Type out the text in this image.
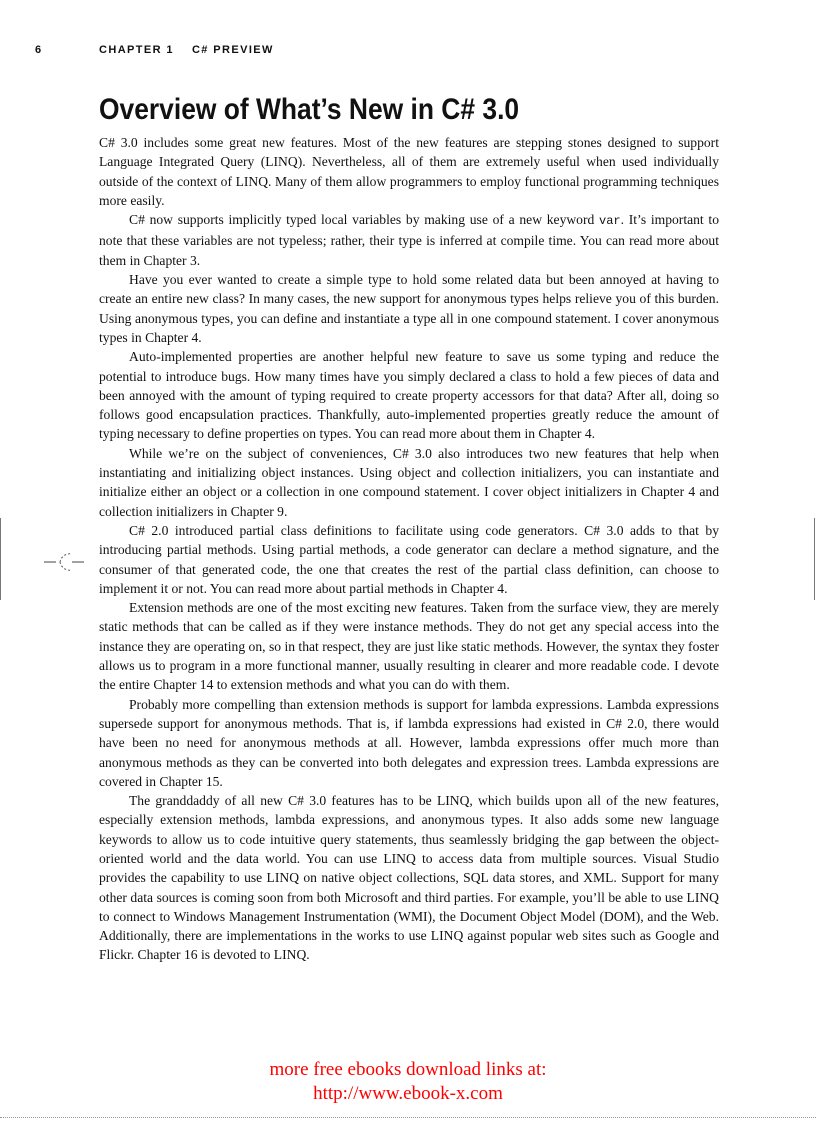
6	CHAPTER 1 C# PREVIEW
Overview of What’s New in C# 3.0

C# 3.0 includes some great new features. Most of the new features are stepping stones designed to support Language Integrated Query (LINQ). Nevertheless, all of them are extremely useful when used individually outside of the context of LINQ. Many of them allow programmers to employ functional programming techniques more easily.

C# now supports implicitly typed local variables by making use of a new keyword var. It’s important to note that these variables are not typeless; rather, their type is inferred at compile time. You can read more about them in Chapter 3.

Have you ever wanted to create a simple type to hold some related data but been annoyed at having to create an entire new class? In many cases, the new support for anonymous types helps relieve you of this burden. Using anonymous types, you can define and instantiate a type all in one compound statement. I cover anonymous types in Chapter 4.

Auto-implemented properties are another helpful new feature to save us some typing and reduce the potential to introduce bugs. How many times have you simply declared a class to hold a few pieces of data and been annoyed with the amount of typing required to create property accessors for that data? After all, doing so follows good encapsulation practices. Thankfully, auto-implemented properties greatly reduce the amount of typing necessary to define properties on types. You can read more about them in Chapter 4.

While we’re on the subject of conveniences, C# 3.0 also introduces two new features that help when instantiating and initializing object instances. Using object and collection initializers, you can instantiate and initialize either an object or a collection in one compound statement. I cover object initializers in Chapter 4 and collection initializers in Chapter 9.

C# 2.0 introduced partial class definitions to facilitate using code generators. C# 3.0 adds to that by introducing partial methods. Using partial methods, a code generator can declare a method signature, and the consumer of that generated code, the one that creates the rest of the partial class definition, can choose to implement it or not. You can read more about partial methods in Chapter 4.

Extension methods are one of the most exciting new features. Taken from the surface view, they are merely static methods that can be called as if they were instance methods. They do not get any special access into the instance they are operating on, so in that respect, they are just like static methods. However, the syntax they foster allows us to program in a more functional manner, usually resulting in clearer and more readable code. I devote the entire Chapter 14 to extension methods and what you can do with them.

Probably more compelling than extension methods is support for lambda expressions. Lambda expressions supersede support for anonymous methods. That is, if lambda expressions had existed in C# 2.0, there would have been no need for anonymous methods at all. However, lambda expressions offer much more than anonymous methods as they can be converted into both delegates and expression trees. Lambda expressions are covered in Chapter 15.

The granddaddy of all new C# 3.0 features has to be LINQ, which builds upon all of the new features, especially extension methods, lambda expressions, and anonymous types. It also adds some new language keywords to allow us to code intuitive query statements, thus seamlessly bridging the gap between the object-oriented world and the data world. You can use LINQ to access data from multiple sources. Visual Studio provides the capability to use LINQ on native object collections, SQL data stores, and XML. Support for many other data sources is coming soon from both Microsoft and third parties. For example, you’ll be able to use LINQ to connect to Windows Management Instrumentation (WMI), the Document Object Model (DOM), and the Web. Additionally, there are implementations in the works to use LINQ against popular web sites such as Google and Flickr. Chapter 16 is devoted to LINQ.

more free ebooks download links at:
http://www.ebook-x.com
